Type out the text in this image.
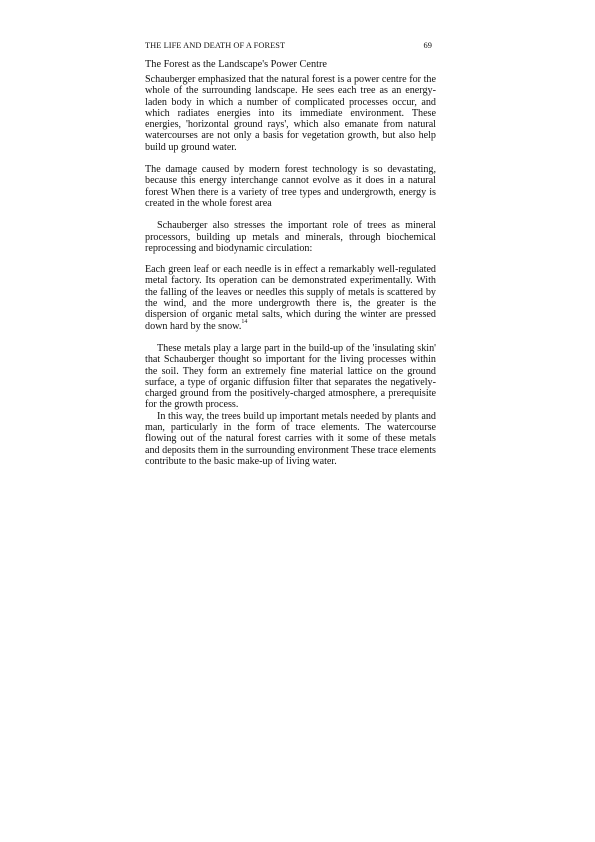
THE LIFE AND DEATH OF A FOREST	69
The Forest as the Landscape's Power Centre

Schauberger emphasized that the natural forest is a power centre for the whole of the surrounding landscape. He sees each tree as an energy-laden body in which a number of complicated processes occur, and which radiates energies into its immediate environment. These energies, 'horizontal ground rays', which also emanate from natural watercourses are not only a basis for vegetation growth, but also help build up ground water.

The damage caused by modern forest technology is so devastating, because this energy interchange cannot evolve as it does in a natural forest When there is a variety of tree types and undergrowth, energy is created in the whole forest area

Schauberger also stresses the important role of trees as mineral processors, building up metals and minerals, through biochemical reprocessing and biodynamic circulation:

Each green leaf or each needle is in effect a remarkably well-regulated metal factory. Its operation can be demonstrated experimentally. With the falling of the leaves or needles this supply of metals is scattered by the wind, and the more undergrowth there is, the greater is the dispersion of organic metal salts, which during the winter are pressed down hard by the snow.$^{14}$

These metals play a large part in the build-up of the 'insulating skin' that Schauberger thought so important for the living processes within the soil. They form an extremely fine material lattice on the ground surface, a type of organic diffusion filter that separates the negatively-charged ground from the positively-charged atmosphere, a prerequisite for the growth process.

In this way, the trees build up important metals needed by plants and man, particularly in the form of trace elements. The watercourse flowing out of the natural forest carries with it some of these metals and deposits them in the surrounding environment These trace elements contribute to the basic make-up of living water.
